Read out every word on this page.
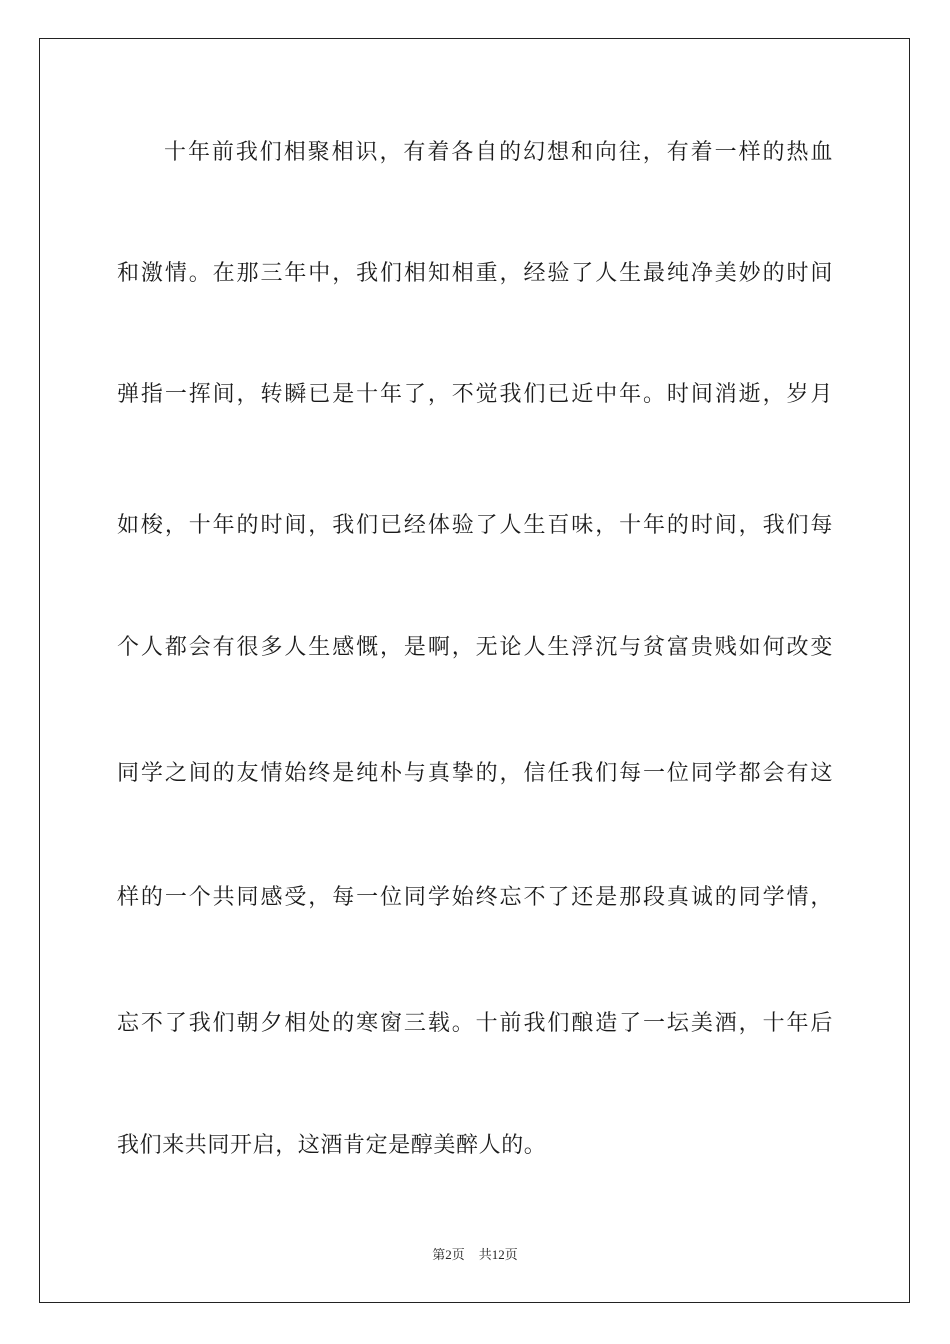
十年前我们相聚相识，有着各自的幻想和向往，有着一样的热血
和激情。在那三年中，我们相知相重，经验了人生最纯净美妙的时间
弹指一挥间，转瞬已是十年了，不觉我们已近中年。时间消逝，岁月
如梭，十年的时间，我们已经体验了人生百味，十年的时间，我们每
个人都会有很多人生感慨，是啊，无论人生浮沉与贫富贵贱如何改变
同学之间的友情始终是纯朴与真挚的，信任我们每一位同学都会有这
样的一个共同感受，每一位同学始终忘不了还是那段真诚的同学情，
忘不了我们朝夕相处的寒窗三载。十前我们酿造了一坛美酒，十年后
我们来共同开启，这酒肯定是醇美醉人的。
第2页 共12页
